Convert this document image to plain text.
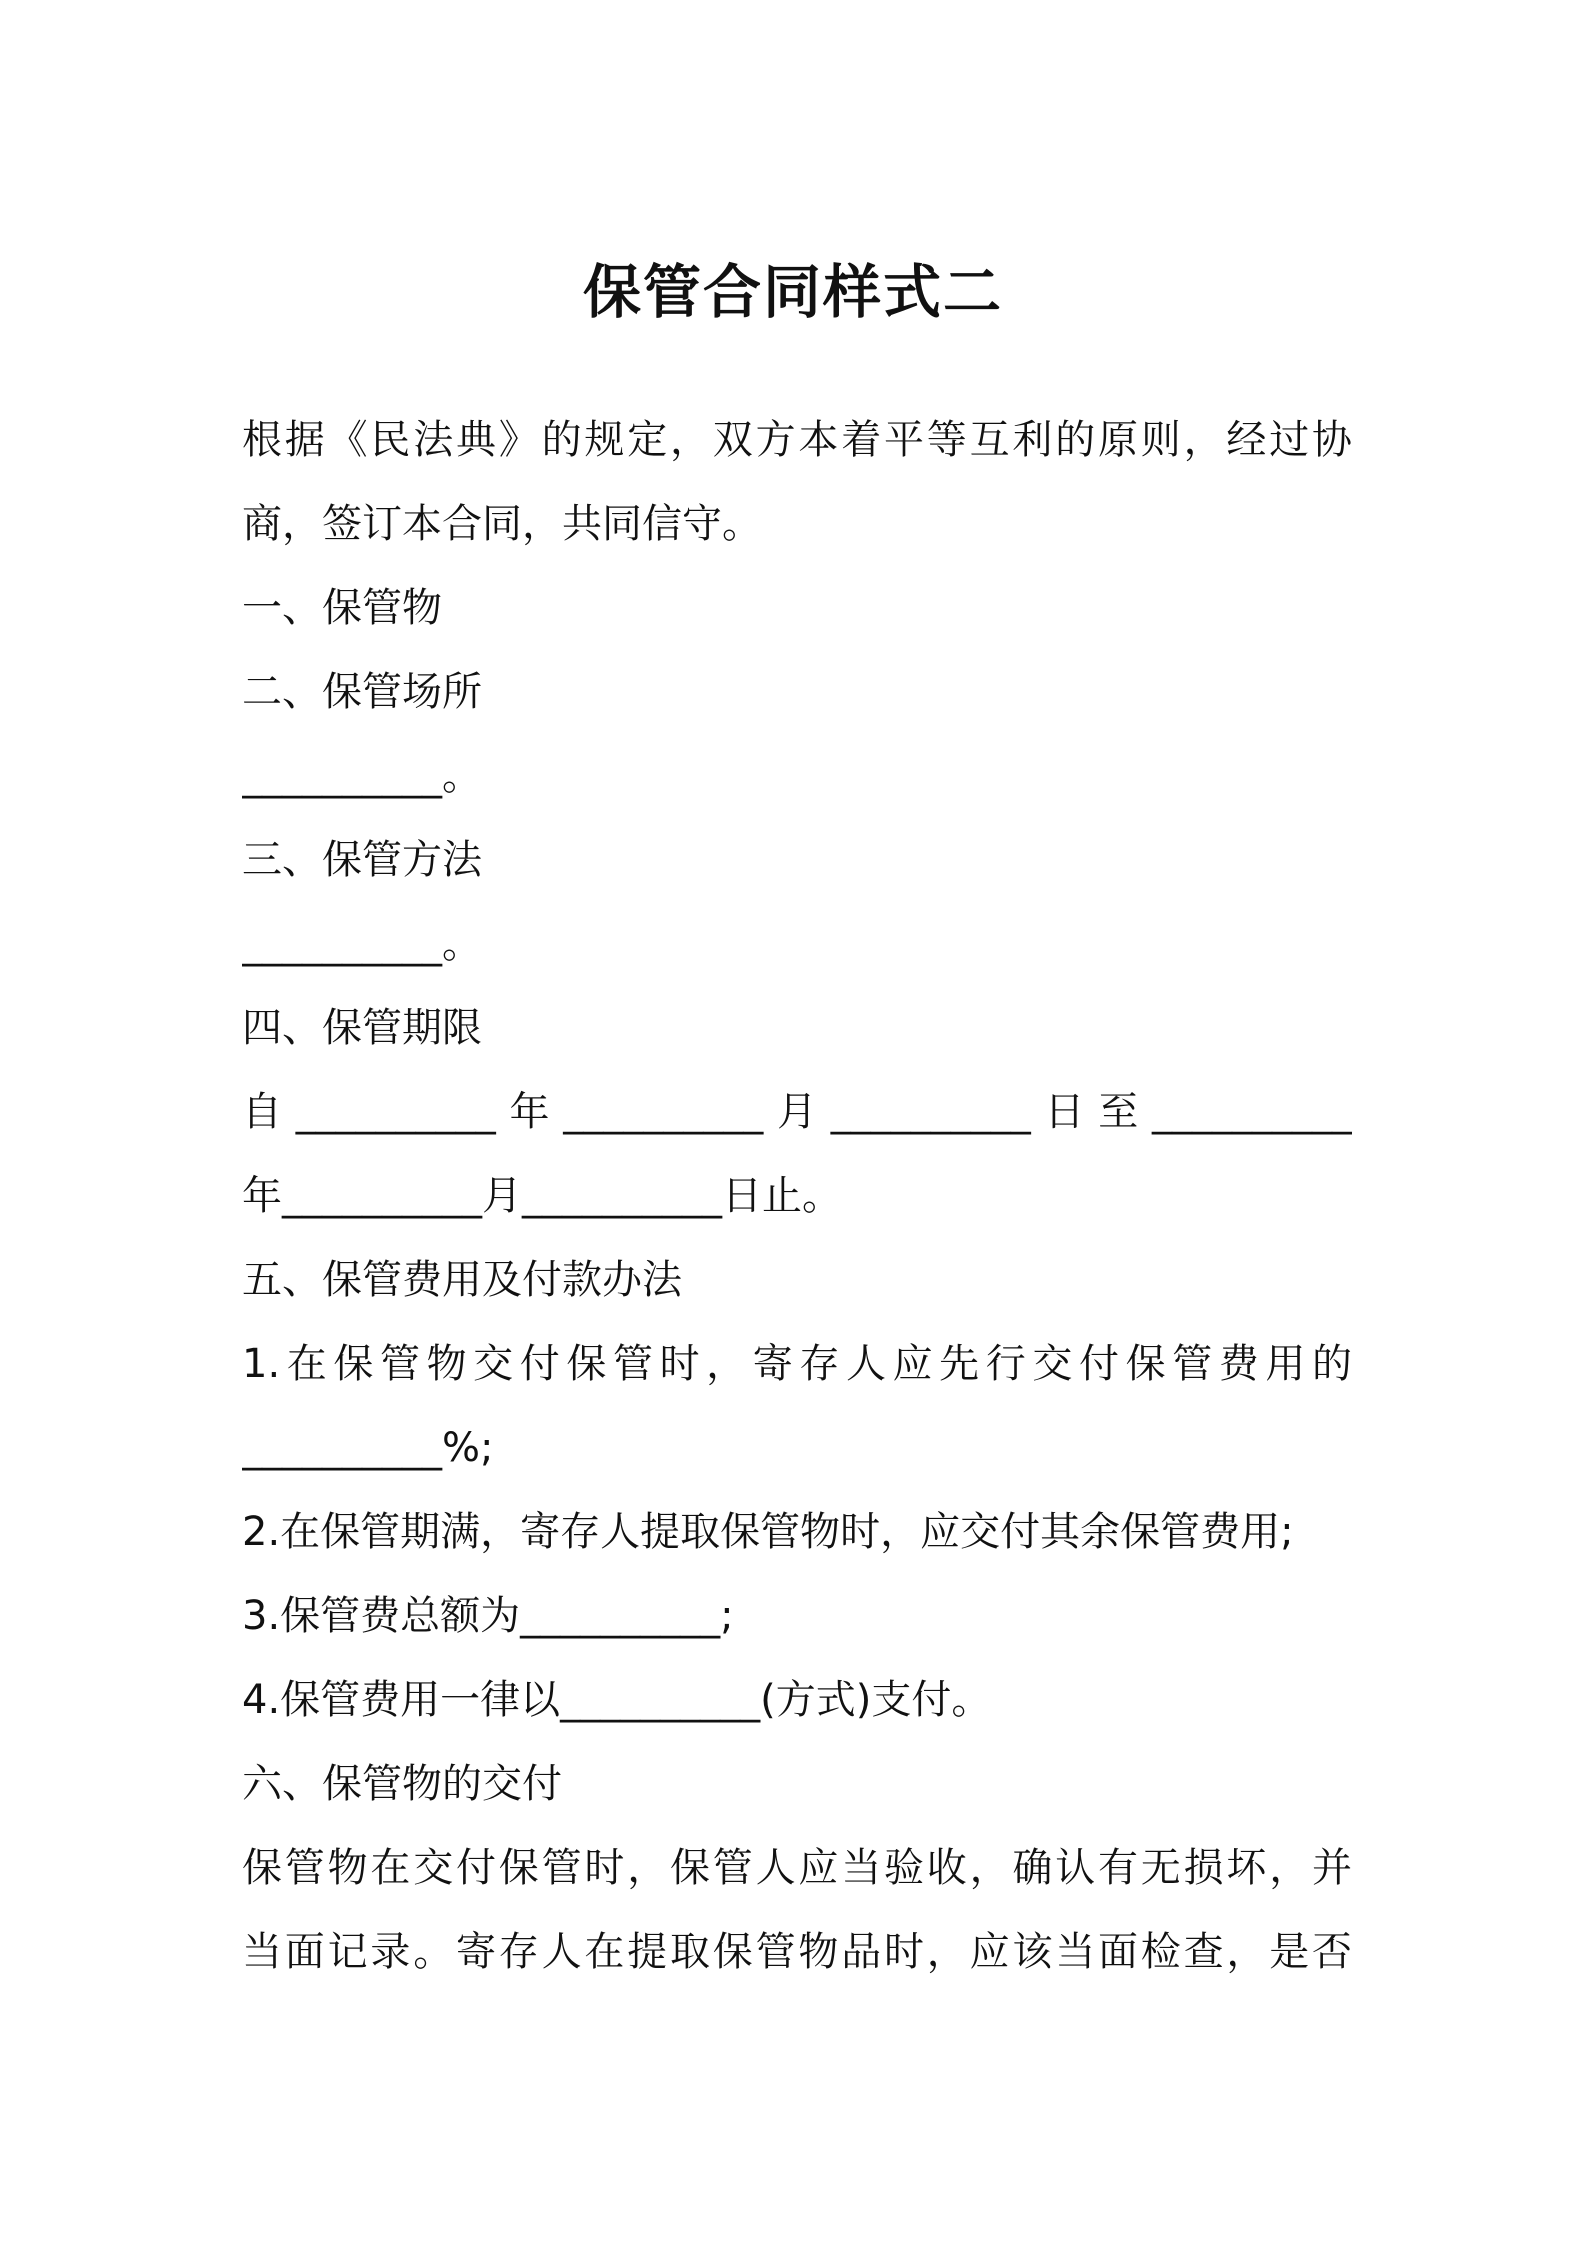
保管合同样式二
根据《民法典》的规定，双方本着平等互利的原则，经过协
商，签订本合同，共同信守。
一、保管物
二、保管场所
__________。
三、保管方法
__________。
四、保管期限
自__________年__________月__________日至__________
年__________月__________日止。
五、保管费用及付款办法
1.在保管物交付保管时，寄存人应先行交付保管费用的
__________%;
2.在保管期满，寄存人提取保管物时，应交付其余保管费用;
3.保管费总额为__________;
4.保管费用一律以__________(方式)支付。
六、保管物的交付
保管物在交付保管时，保管人应当验收，确认有无损坏，并
当面记录。寄存人在提取保管物品时，应该当面检查，是否
